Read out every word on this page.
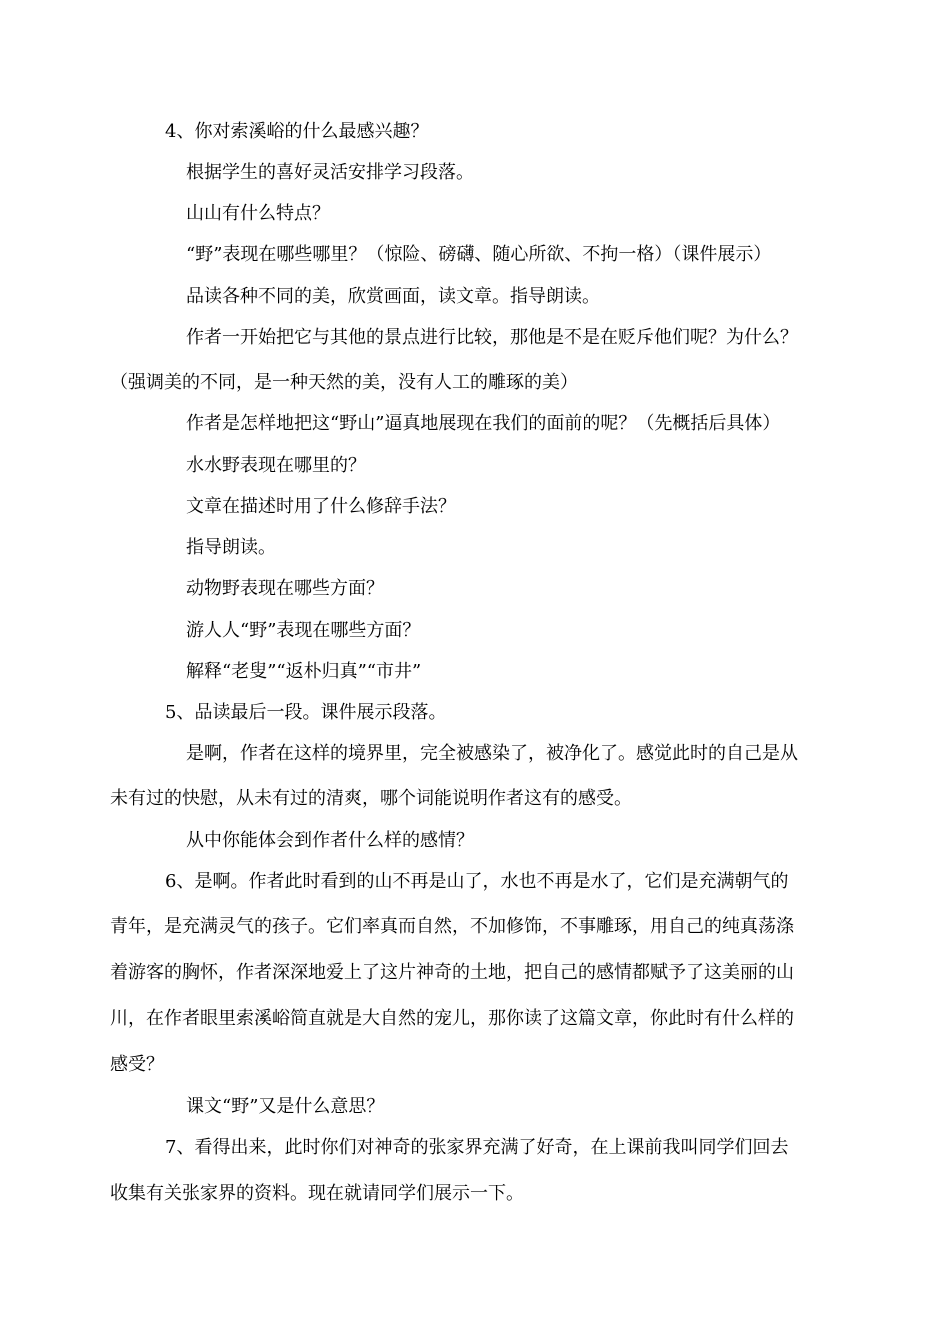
4、你对索溪峪的什么最感兴趣？

根据学生的喜好灵活安排学习段落。

山山有什么特点？

“野”表现在哪些哪里？（惊险、磅礴、随心所欲、不拘一格）（课件展示）

品读各种不同的美，欣赏画面，读文章。指导朗读。

作者一开始把它与其他的景点进行比较，那他是不是在贬斥他们呢？为什么？

（强调美的不同，是一种天然的美，没有人工的雕琢的美）

作者是怎样地把这“野山”逼真地展现在我们的面前的呢？（先概括后具体）

水水野表现在哪里的？

文章在描述时用了什么修辞手法？

指导朗读。

动物野表现在哪些方面？

游人人“野”表现在哪些方面？

解释“老叟”“返朴归真”“市井”

5、品读最后一段。课件展示段落。

是啊，作者在这样的境界里，完全被感染了，被净化了。感觉此时的自己是从

未有过的快慰，从未有过的清爽，哪个词能说明作者这有的感受。

从中你能体会到作者什么样的感情？

6、是啊。作者此时看到的山不再是山了，水也不再是水了，它们是充满朝气的

青年，是充满灵气的孩子。它们率真而自然，不加修饰，不事雕琢，用自己的纯真荡涤

着游客的胸怀，作者深深地爱上了这片神奇的土地，把自己的感情都赋予了这美丽的山

川，在作者眼里索溪峪简直就是大自然的宠儿，那你读了这篇文章，你此时有什么样的

感受？

课文“野”又是什么意思？

7、看得出来，此时你们对神奇的张家界充满了好奇，在上课前我叫同学们回去

收集有关张家界的资料。现在就请同学们展示一下。
